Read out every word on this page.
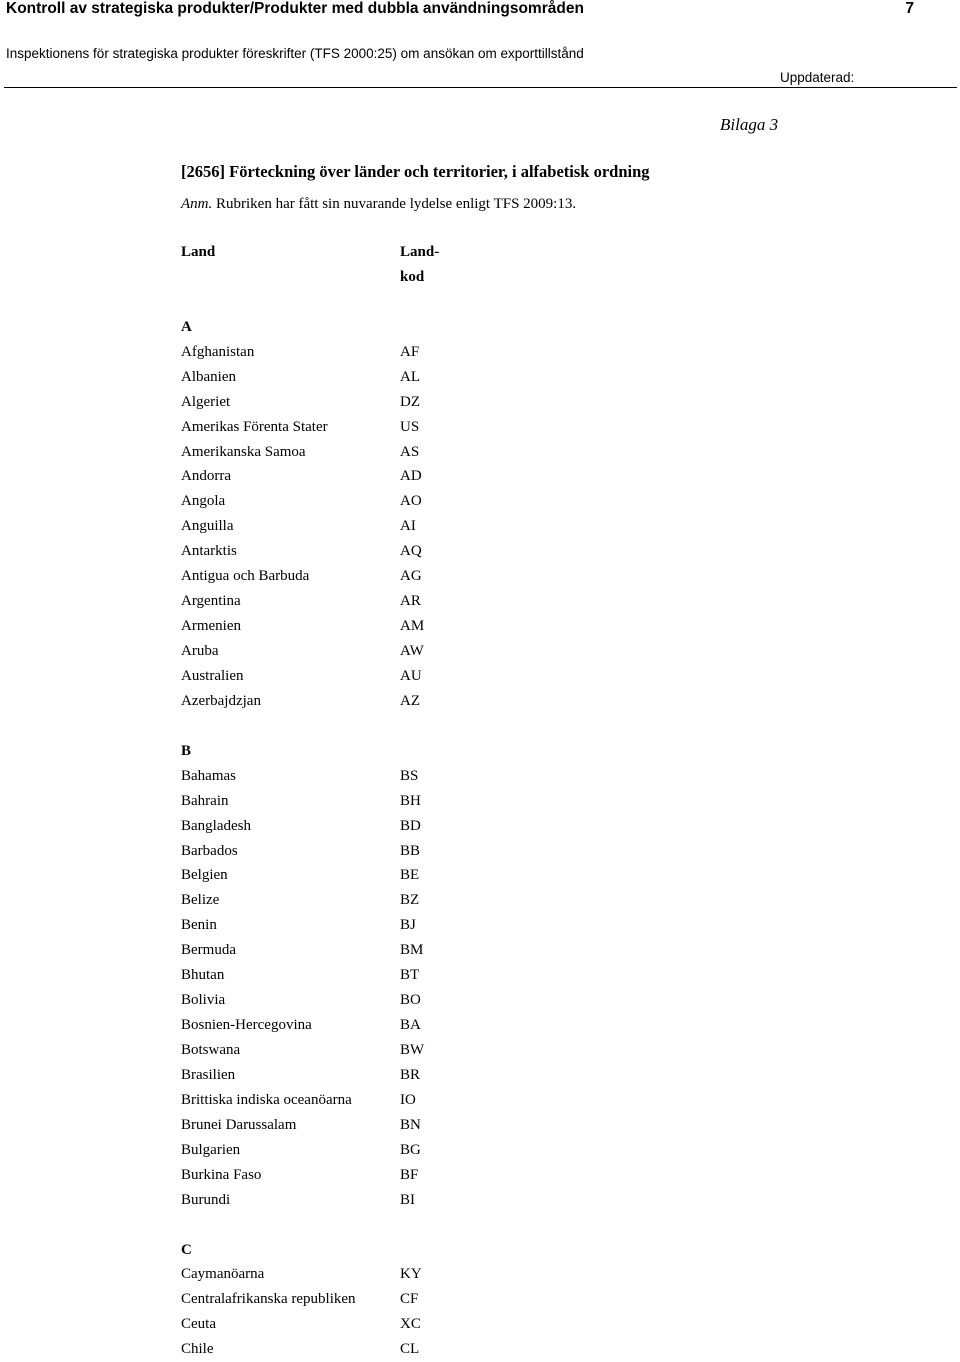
Kontroll av strategiska produkter/Produkter med dubbla användningsområden	7
Inspektionens för strategiska produkter föreskrifter (TFS 2000:25) om ansökan om exporttillstånd
Uppdaterad:
Bilaga 3
[2656] Förteckning över länder och territorier, i alfabetisk ordning
Anm. Rubriken har fått sin nuvarande lydelse enligt TFS 2009:13.
Land	Land-
kod
A
Afghanistan	AF
Albanien	AL
Algeriet	DZ
Amerikas Förenta Stater	US
Amerikanska Samoa	AS
Andorra	AD
Angola	AO
Anguilla	AI
Antarktis	AQ
Antigua och Barbuda	AG
Argentina	AR
Armenien	AM
Aruba	AW
Australien	AU
Azerbajdzjan	AZ
B
Bahamas	BS
Bahrain	BH
Bangladesh	BD
Barbados	BB
Belgien	BE
Belize	BZ
Benin	BJ
Bermuda	BM
Bhutan	BT
Bolivia	BO
Bosnien-Hercegovina	BA
Botswana	BW
Brasilien	BR
Brittiska indiska oceanöarna	IO
Brunei Darussalam	BN
Bulgarien	BG
Burkina Faso	BF
Burundi	BI
C
Caymanöarna	KY
Centralafrikanska republiken	CF
Ceuta	XC
Chile	CL
